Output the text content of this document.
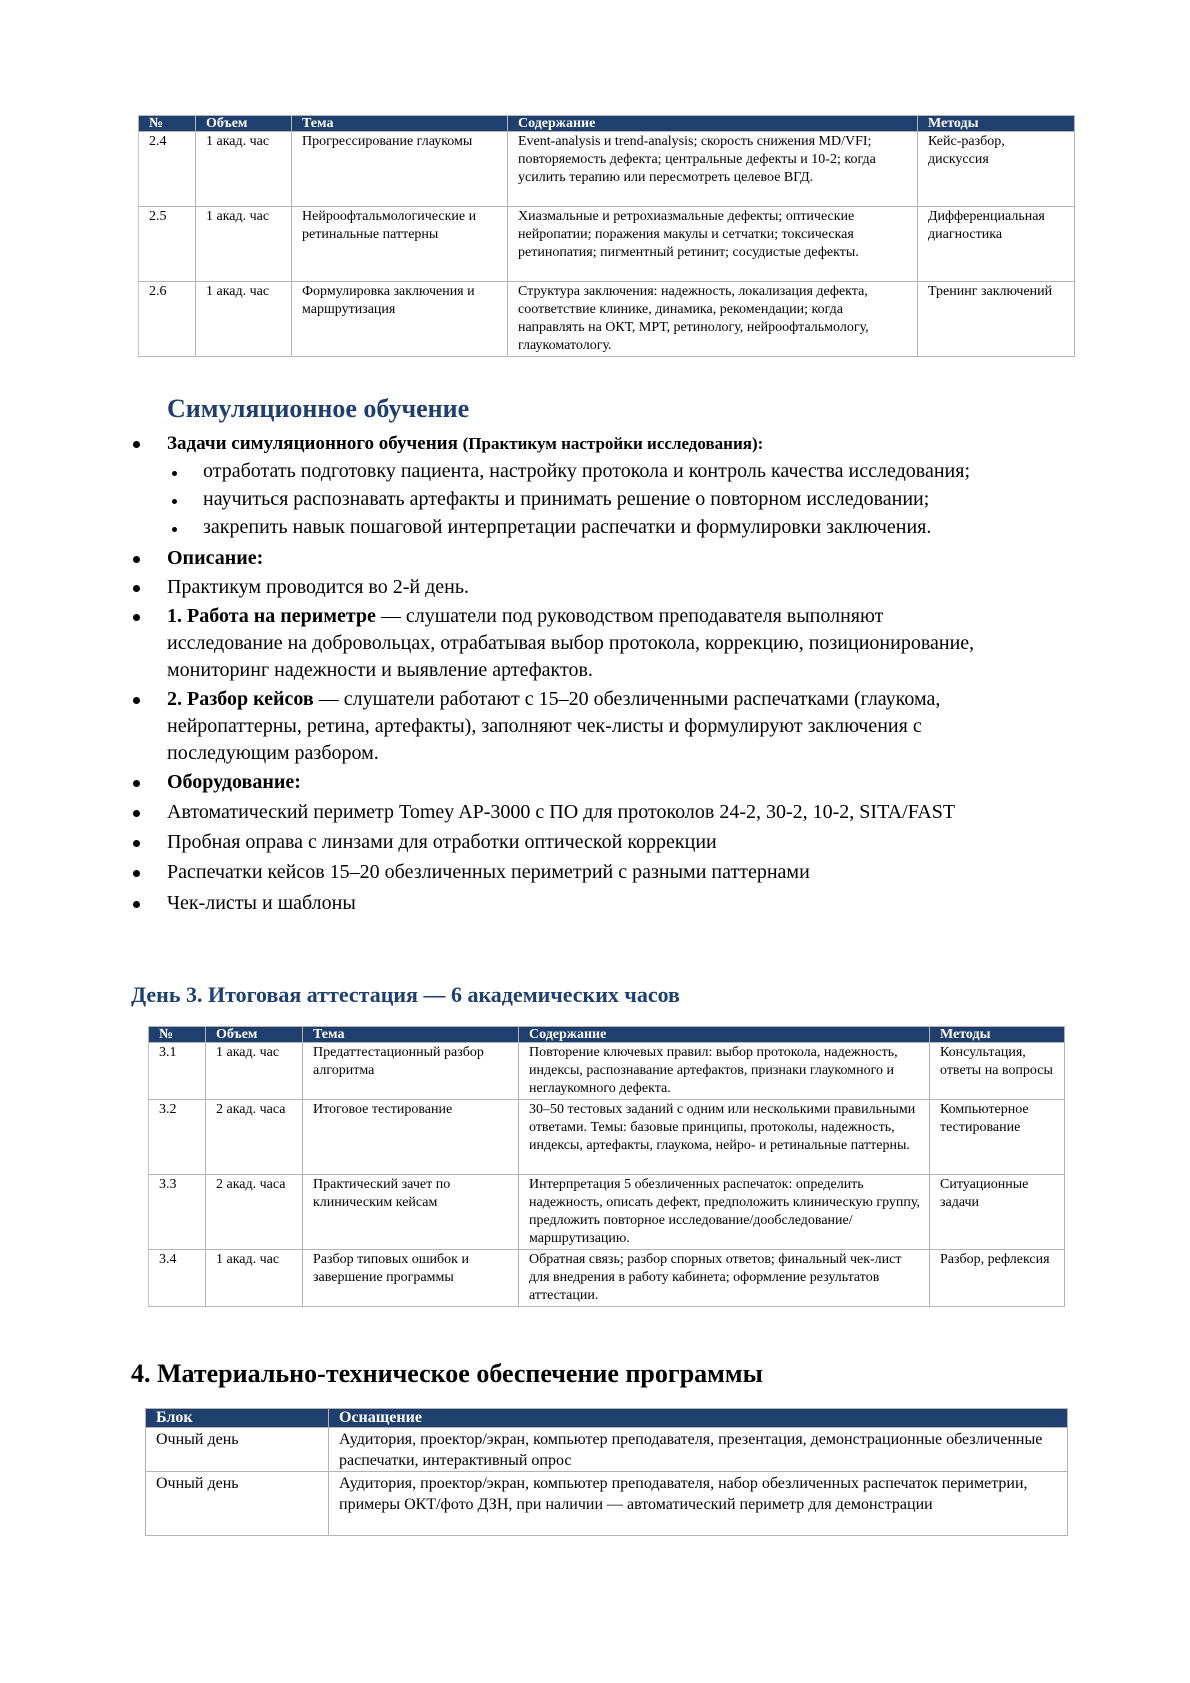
№	Объем	Тема	Содержание	Методы
2.4	1 акад. час	Прогрессирование глаукомы	Event-analysis и trend-analysis; скорость снижения MD/VFI; повторяемость дефекта; центральные дефекты и 10-2; когда усилить терапию или пересмотреть целевое ВГД.	Кейс-разбор, дискуссия
2.5	1 акад. час	Нейроофтальмологические и ретинальные паттерны	Хиазмальные и ретрохиазмальные дефекты; оптические нейропатии; поражения макулы и сетчатки; токсическая ретинопатия; пигментный ретинит; сосудистые дефекты.	Дифференциальная диагностика
2.6	1 акад. час	Формулировка заключения и маршрутизация	Структура заключения: надежность, локализация дефекта, соответствие клинике, динамика, рекомендации; когда направлять на ОКТ, МРТ, ретинологу, нейроофтальмологу, глаукоматологу.	Тренинг заключений
Симуляционное обучение
Задачи симуляционного обучения (Практикум настройки исследования):
отработать подготовку пациента, настройку протокола и контроль качества исследования;
научиться распознавать артефакты и принимать решение о повторном исследовании;
закрепить навык пошаговой интерпретации распечатки и формулировки заключения.
Описание:
Практикум проводится во 2-й день.
1. Работа на периметре — слушатели под руководством преподавателя выполняют
исследование на добровольцах, отрабатывая выбор протокола, коррекцию, позиционирование,
мониторинг надежности и выявление артефактов.
2. Разбор кейсов — слушатели работают с 15–20 обезличенными распечатками (глаукома,
нейропаттерны, ретина, артефакты), заполняют чек-листы и формулируют заключения с
последующим разбором.
Оборудование:
Автоматический периметр Tomey AP-3000 с ПО для протоколов 24-2, 30-2, 10-2, SITA/FAST
Пробная оправа с линзами для отработки оптической коррекции
Распечатки кейсов 15–20 обезличенных периметрий с разными паттернами
Чек-листы и шаблоны
День 3. Итоговая аттестация — 6 академических часов
№	Объем	Тема	Содержание	Методы
3.1	1 акад. час	Предаттестационный разбор алгоритма	Повторение ключевых правил: выбор протокола, надежность, индексы, распознавание артефактов, признаки глаукомного и неглаукомного дефекта.	Консультация, ответы на вопросы
3.2	2 акад. часа	Итоговое тестирование	30–50 тестовых заданий с одним или несколькими правильными ответами. Темы: базовые принципы, протоколы, надежность, индексы, артефакты, глаукома, нейро- и ретинальные паттерны.	Компьютерное тестирование
3.3	2 акад. часа	Практический зачет по клиническим кейсам	Интерпретация 5 обезличенных распечаток: определить надежность, описать дефект, предположить клиническую группу, предложить повторное исследование/дообследование/маршрутизацию.	Ситуационные задачи
3.4	1 акад. час	Разбор типовых ошибок и завершение программы	Обратная связь; разбор спорных ответов; финальный чек-лист для внедрения в работу кабинета; оформление результатов аттестации.	Разбор, рефлексия
4. Материально-техническое обеспечение программы
Блок	Оснащение
Очный день	Аудитория, проектор/экран, компьютер преподавателя, презентация, демонстрационные обезличенные распечатки, интерактивный опрос
Очный день	Аудитория, проектор/экран, компьютер преподавателя, набор обезличенных распечаток периметрии, примеры ОКТ/фото ДЗН, при наличии — автоматический периметр для демонстрации
